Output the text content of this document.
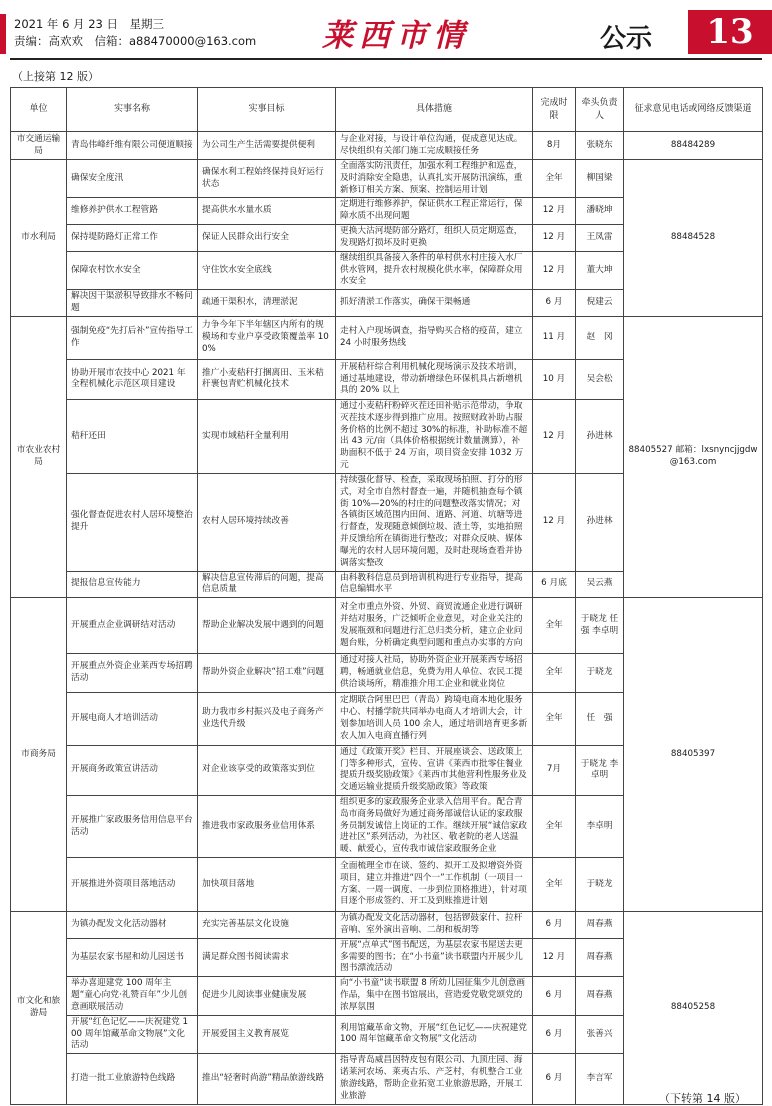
2021 年 6 月 23 日　星期三
责编：高欢欢　信箱：a88470000@163.com 莱西市情	公示	13
（上接第 12 版）
单位	实事名称	实事目标	具体措施	完成时限	牵头负责人	征求意见电话或网络反馈渠道
市交通运输局	青岛伟峰纤维有限公司便道顺接	为公司生产生活需要提供便利	与企业对接，与设计单位沟通，促成意见达成。尽快组织有关部门施工完成顺接任务	8月	张晓东	88484289
市水利局	确保安全度汛	确保水利工程始终保持良好运行状态	全面落实防汛责任，加强水利工程维护和巡查，及时消除安全隐患，认真扎实开展防汛演练，重新修订相关方案、预案、控制运用计划	全年	柳国梁	88484528
	维修养护供水工程管路	提高供水水量水质	定期进行维修养护，保证供水工程正常运行，保障水质不出现问题	12 月	潘晓坤	
	保持堤防路灯正常工作	保证人民群众出行安全	更换大沽河堤防部分路灯，组织人员定期巡查，发现路灯损坏及时更换	12 月	王凤雷	
	保障农村饮水安全	守住饮水安全底线	继续组织具备接入条件的单村供水村庄接入水厂供水管网，提升农村规模化供水率，保障群众用水安全	12 月	董大坤	
	解决因干渠淤积导致排水不畅问题	疏通干渠积水，清理淤泥	抓好清淤工作落实，确保干渠畅通	6 月	倪建云	
市农业农村局	强制免疫“先打后补”宣传指导工作	力争今年下半年辖区内所有的规模场和专业户享受政策覆盖率 100%	走村入户现场调查，指导购买合格的疫苗，建立 24 小时服务热线	11 月	赵　冈	88405527 邮箱：lxsnyncjjgdw@163.com
	协助开展市农技中心 2021 年全程机械化示范区项目建设	推广小麦秸秆打捆离田、玉米秸秆裹包青贮机械化技术	开展秸秆综合利用机械化现场演示及技术培训，通过基地建设，带动新增绿色环保机具占新增机具的 20% 以上	10 月	吴会松	
	秸秆还田	实现市域秸秆全量利用	通过小麦秸秆粉碎灭茬还田补贴示范带动，争取灭茬技术逐步得到推广应用。按照财政补助占服务价格的比例不超过 30%的标准，补助标准不超出 43 元/亩（具体价格根据统计数量测算），补助面积不低于 24 万亩，项目资金安排 1032 万元	12 月	孙进林	
	强化督查促进农村人居环境整治提升	农村人居环境持续改善	持续强化督导、检查，采取现场拍照、打分的形式，对全市自然村督查一遍，并随机抽查每个镇街 10%—20%的村庄的问题整改落实情况；对各镇街区域范围内田间、道路、河道、坑塘等进行督查，发现随意倾倒垃圾、渣土等，实地拍照并反馈给所在镇街进行整改；对群众反映、媒体曝光的农村人居环境问题，及时赴现场查看并协调落实整改	12 月	孙进林	
	提报信息宣传能力	解决信息宣传滞后的问题，提高信息质量	由科教科信息员到培训机构进行专业指导，提高信息编辑水平	6 月底	吴云燕	
市商务局	开展重点企业调研结对活动	帮助企业解决发展中遇到的问题	对全市重点外资、外贸、商贸流通企业进行调研并结对服务，广泛倾听企业意见，对企业关注的发展瓶颈和问题进行汇总归类分析，建立企业问题台账，分析确定典型问题和重点办实事的方向	全年	于晓龙 任　强 李卓明	88405397
	开展重点外资企业莱西专场招聘活动	帮助外资企业解决“招工难”问题	通过对接人社局，协助外资企业开展莱西专场招聘，畅通就业信息，免费为用人单位、农民工提供洽谈场所，精准推介用工企业和就业岗位	全年	于晓龙	
	开展电商人才培训活动	助力我市乡村振兴及电子商务产业迭代升级	定期联合阿里巴巴（青岛）跨境电商本地化服务中心、村播学院共同举办电商人才培训大会，计划参加培训人员 100 余人，通过培训培育更多新农人加入电商直播行列	全年	任　强	
	开展商务政策宣讲活动	对企业该享受的政策落实到位	通过《政策开奖》栏目、开展座谈会、送政策上门等多种形式，宣传、宣讲《莱西市批零住餐业提质升级奖励政策》《莱西市其他营利性服务业及交通运输业提质升级奖励政策》等政策	7月	于晓龙 李卓明	
	开展推广家政服务信用信息平台活动	推进我市家政服务业信用体系	组织更多的家政服务企业录入信用平台。配合青岛市商务局做好为通过商务部诚信认证的家政服务员制发诚信上岗证的工作。继续开展“诚信家政进社区”系列活动，为社区、敬老院的老人送温暖、献爱心，宣传我市诚信家政服务企业	全年	李卓明	
	开展推进外资项目落地活动	加快项目落地	全面梳理全市在谈、签约、拟开工及拟增资外资项目，建立并推进“四个一”工作机制（一项目一方案、一周一调度、一步到位顶格推进），针对项目逐个形成签约、开工及到账推进计划	全年	于晓龙	
市文化和旅游局	为镇办配发文化活动器材	充实完善基层文化设施	为镇办配发文化活动器材，包括锣鼓家什、拉杆音响、室外演出音响、二胡和板胡等	6 月	周春燕	88405258
	为基层农家书屋和幼儿园送书	满足群众图书阅读需求	开展“点单式”图书配送，为基层农家书屋送去更多需要的图书；在“小书童”读书联盟内开展少儿图书漂流活动	12 月	周春燕	
	举办喜迎建党 100 周年主题“童心向党·礼赞百年”少儿创意画联展活动	促进少儿阅读事业健康发展	向“小书童”读书联盟 8 所幼儿园征集少儿创意画作品，集中在图书馆展出，营造爱党敬党颂党的浓厚氛围	6 月	周春燕	
	开展“红色记忆——庆祝建党 100 周年馆藏革命文物展”文化活动	开展爱国主义教育展览	利用馆藏革命文物，开展“红色记忆——庆祝建党 100 周年馆藏革命文物展”文化活动	6 月	张善兴	
	打造一批工业旅游特色线路	推出“轻奢时尚游”精品旅游线路	指导青岛威昌因特皮包有限公司、九顶庄园、海诺莱河农场、莱夷古乐、产芝村，有机整合工业旅游线路，帮助企业拓宽工业旅游思路，开展工业旅游	6 月	李言军	
（下转第 14 版）
